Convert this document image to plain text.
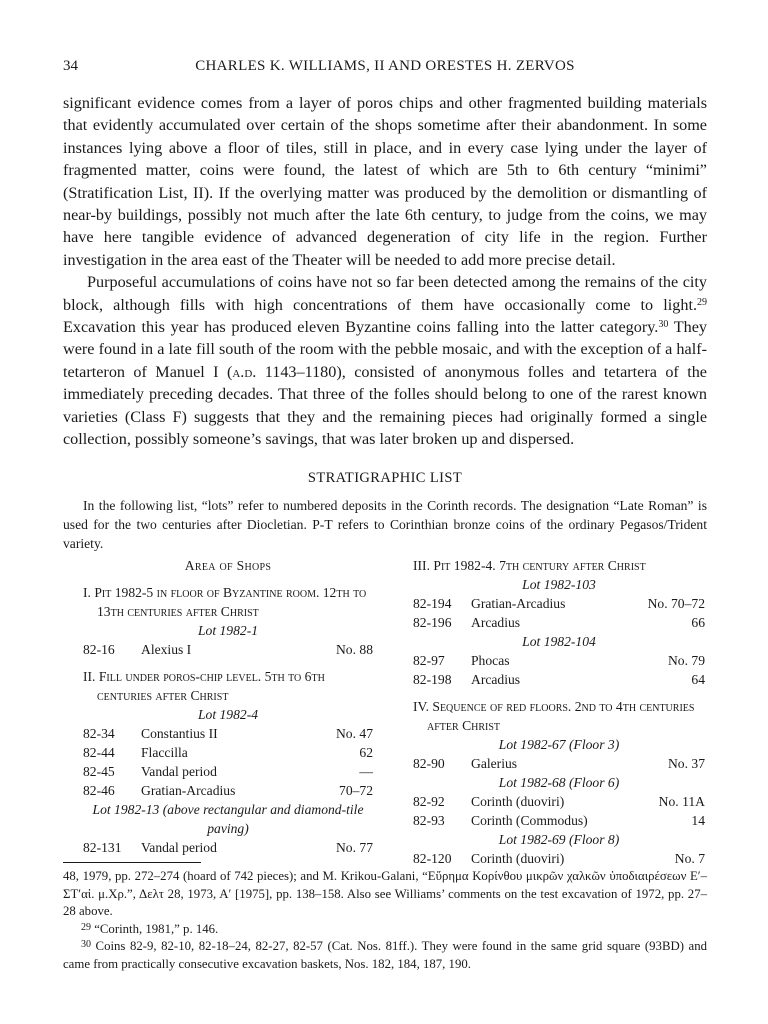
34	CHARLES K. WILLIAMS, II AND ORESTES H. ZERVOS

significant evidence comes from a layer of poros chips and other fragmented building materials that evidently accumulated over certain of the shops sometime after their abandonment. In some instances lying above a floor of tiles, still in place, and in every case lying under the layer of fragmented matter, coins were found, the latest of which are 5th to 6th century “minimi” (Stratification List, II). If the overlying matter was produced by the demolition or dismantling of near-by buildings, possibly not much after the late 6th century, to judge from the coins, we may have here tangible evidence of advanced degeneration of city life in the region. Further investigation in the area east of the Theater will be needed to add more precise detail.

Purposeful accumulations of coins have not so far been detected among the remains of the city block, although fills with high concentrations of them have occasionally come to light.$^{29}$ Excavation this year has produced eleven Byzantine coins falling into the latter category.$^{30}$ They were found in a late fill south of the room with the pebble mosaic, and with the exception of a half-tetarteron of Manuel I (a.d. 1143–1180), consisted of anonymous folles and tetartera of the immediately preceding decades. That three of the folles should belong to one of the rarest known varieties (Class F) suggests that they and the remaining pieces had originally formed a single collection, possibly someone’s savings, that was later broken up and dispersed.

STRATIGRAPHIC LIST

In the following list, “lots” refer to numbered deposits in the Corinth records. The designation “Late Roman” is used for the two centuries after Diocletian. P-T refers to Corinthian bronze coins of the ordinary Pegasos/Trident variety.

Area of Shops

I. Pit 1982-5 in floor of Byzantine room. 12th to 13th centuries after Christ

Lot 1982-1

82-16 Alexius I	No. 88

II. Fill under poros-chip level. 5th to 6th centuries after Christ

Lot 1982-4

82-34 Constantius II	No. 47
82-44 Flaccilla	62
82-45 Vandal period	—
82-46 Gratian-Arcadius	70–72

Lot 1982-13 (above rectangular and diamond-tile paving)

82-131 Vandal period	No. 77

III. Pit 1982-4. 7th century after Christ

Lot 1982-103

82-194 Gratian-Arcadius	No. 70–72
82-196 Arcadius	66

Lot 1982-104

82-97 Phocas	No. 79
82-198 Arcadius	64

IV. Sequence of red floors. 2nd to 4th centuries after Christ

Lot 1982-67 (Floor 3)

82-90 Galerius	No. 37

Lot 1982-68 (Floor 6)

82-92 Corinth (duoviri)	No. 11A
82-93 Corinth (Commodus)	14

Lot 1982-69 (Floor 8)

82-120 Corinth (duoviri)	No. 7

48, 1979, pp. 272–274 (hoard of 742 pieces); and M. Krikou-Galani, “Εὕρημα Κορίνθου μικρῶν χαλκῶν ὑποδιαιρέσεων Ε′–ΣΤ′αἰ. μ.Χρ.”, Δελτ 28, 1973, Α′ [1975], pp. 138–158. Also see Williams’ comments on the test excavation of 1972, pp. 27–28 above.

$^{29}$ “Corinth, 1981,” p. 146.

$^{30}$ Coins 82-9, 82-10, 82-18–24, 82-27, 82-57 (Cat. Nos. 81ff.). They were found in the same grid square (93BD) and came from practically consecutive excavation baskets, Nos. 182, 184, 187, 190.
